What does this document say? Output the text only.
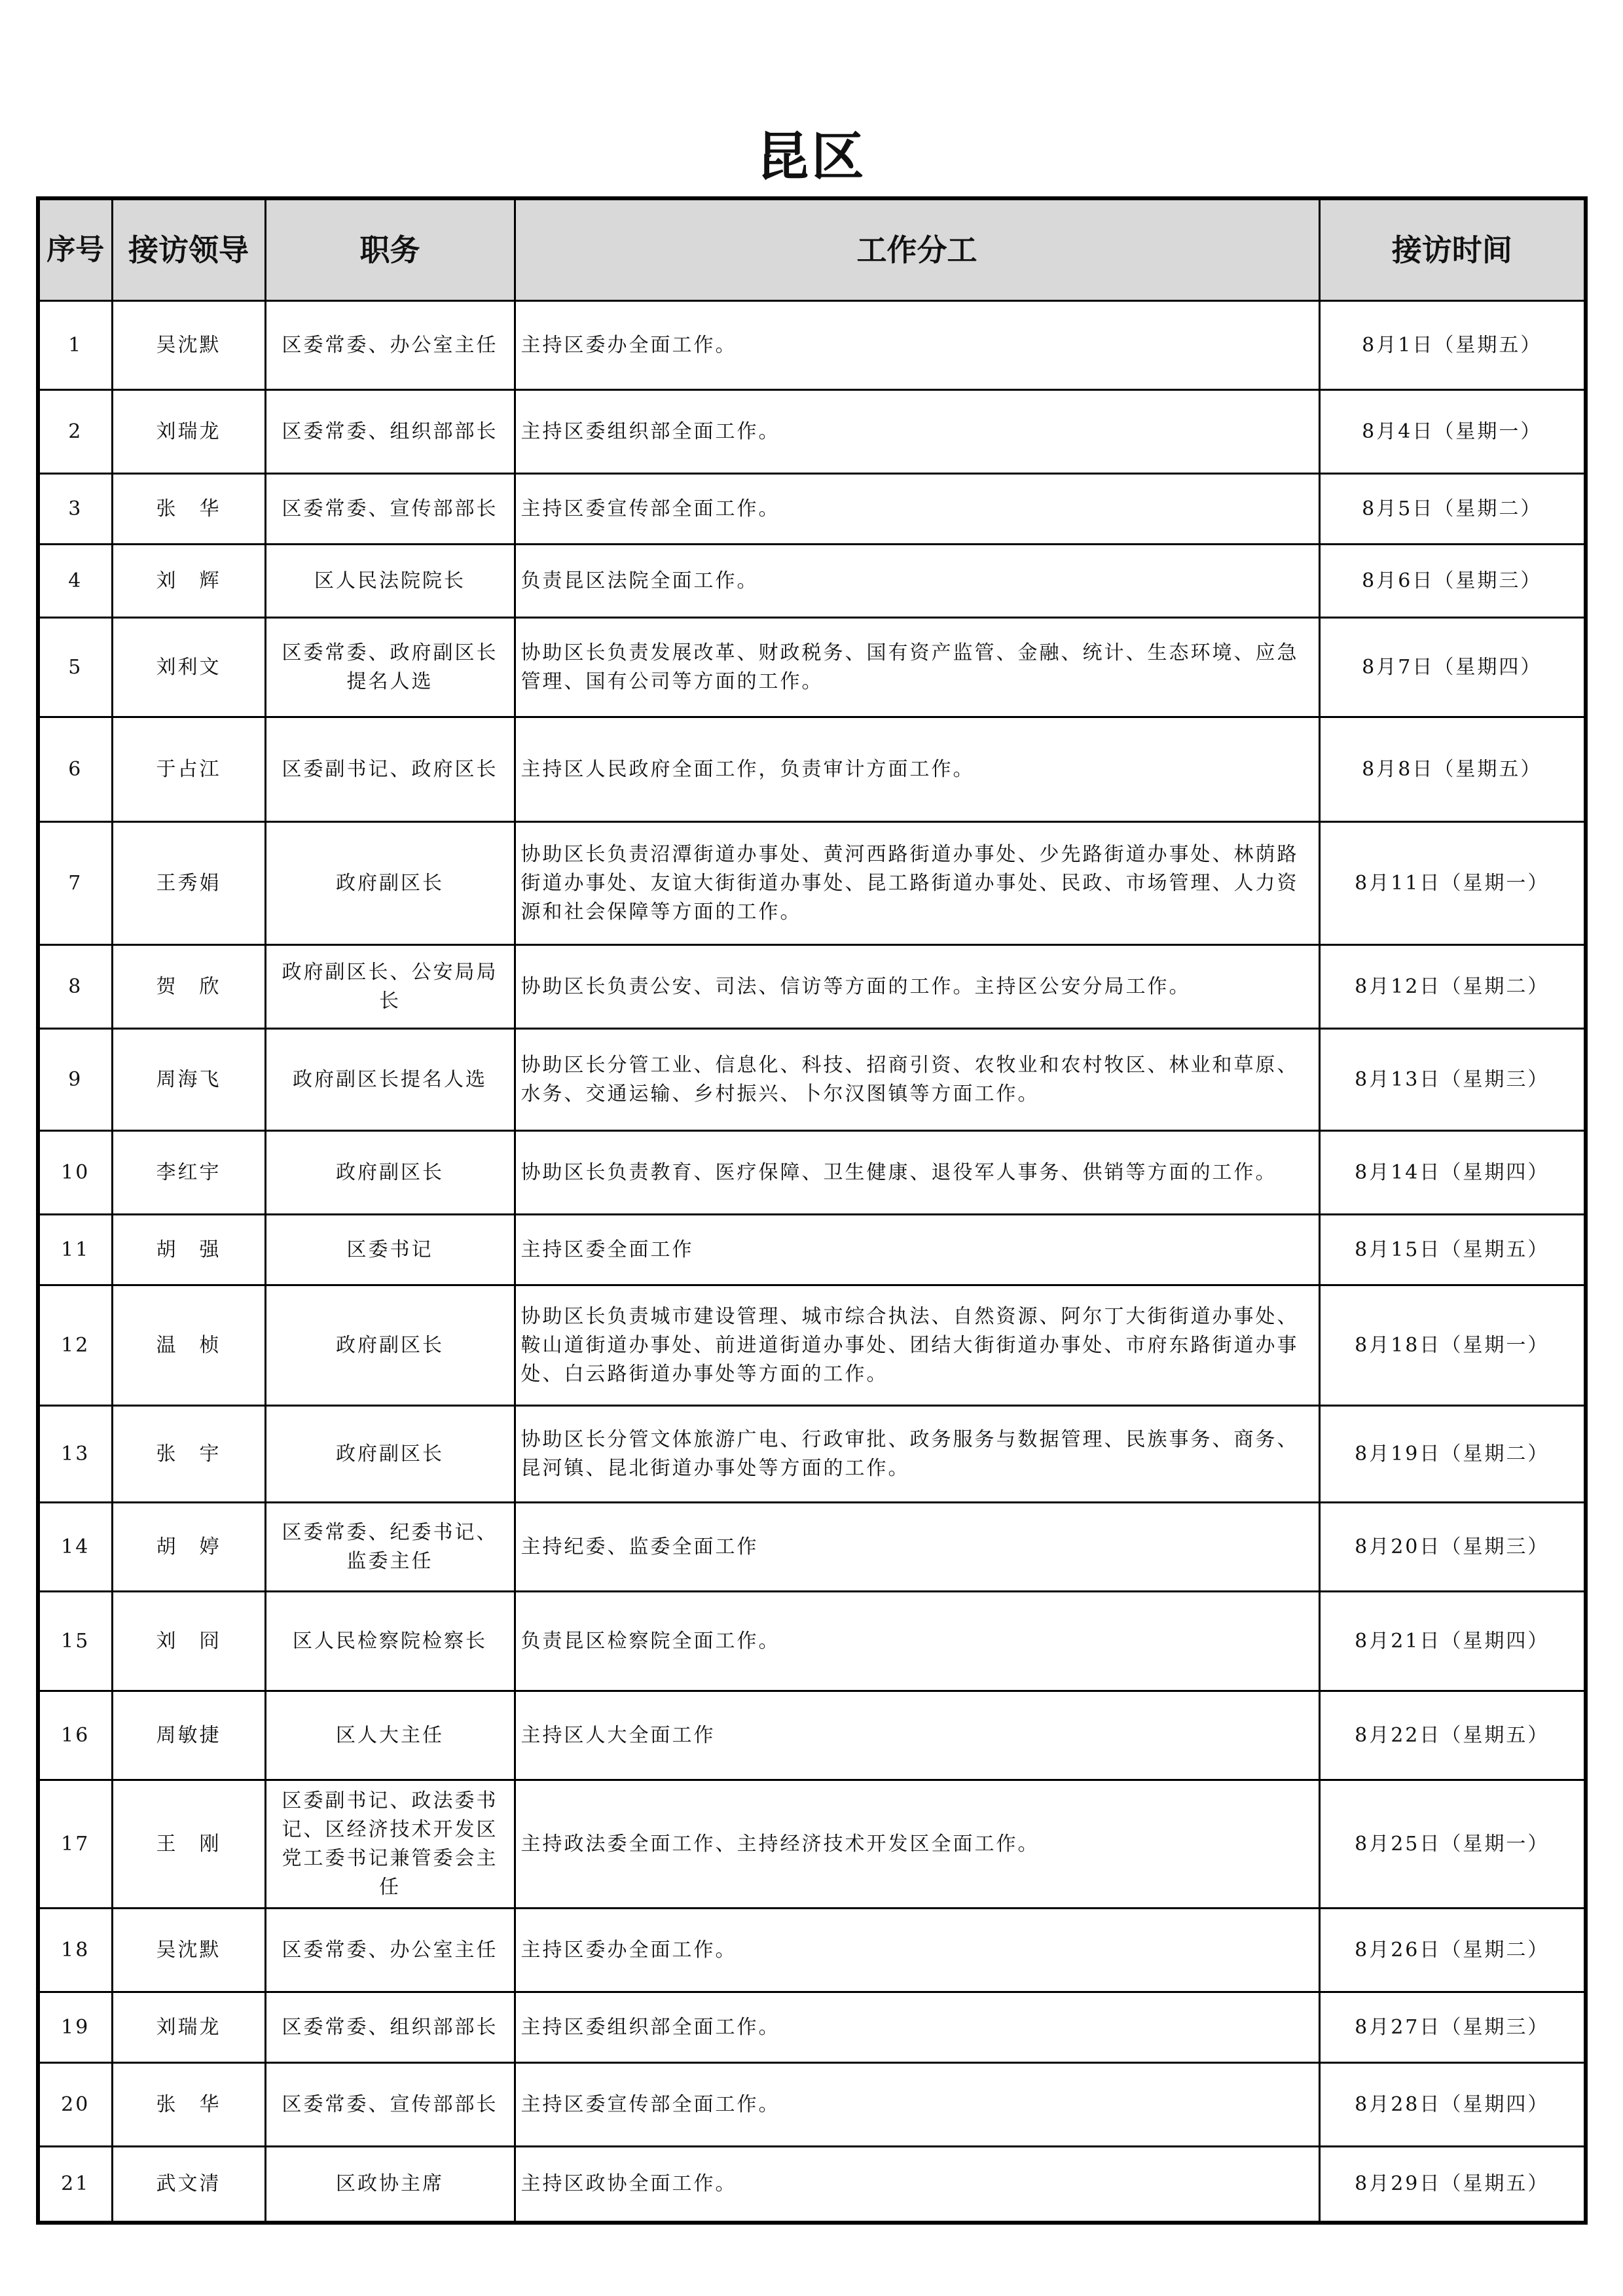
昆区
序号	接访领导	职务	工作分工	接访时间
1	吴沈默	区委常委、办公室主任	主持区委办全面工作。	8月1日（星期五）
2	刘瑞龙	区委常委、组织部部长	主持区委组织部全面工作。	8月4日（星期一）
3	张　华	区委常委、宣传部部长	主持区委宣传部全面工作。	8月5日（星期二）
4	刘　辉	区人民法院院长	负责昆区法院全面工作。	8月6日（星期三）
5	刘利文	区委常委、政府副区长提名人选	协助区长负责发展改革、财政税务、国有资产监管、金融、统计、生态环境、应急管理、国有公司等方面的工作。	8月7日（星期四）
6	于占江	区委副书记、政府区长	主持区人民政府全面工作，负责审计方面工作。	8月8日（星期五）
7	王秀娟	政府副区长	协助区长负责沼潭街道办事处、黄河西路街道办事处、少先路街道办事处、林荫路街道办事处、友谊大街街道办事处、昆工路街道办事处、民政、市场管理、人力资源和社会保障等方面的工作。	8月11日（星期一）
8	贺　欣	政府副区长、公安局局长	协助区长负责公安、司法、信访等方面的工作。主持区公安分局工作。	8月12日（星期二）
9	周海飞	政府副区长提名人选	协助区长分管工业、信息化、科技、招商引资、农牧业和农村牧区、林业和草原、水务、交通运输、乡村振兴、卜尔汉图镇等方面工作。	8月13日（星期三）
10	李红宇	政府副区长	协助区长负责教育、医疗保障、卫生健康、退役军人事务、供销等方面的工作。	8月14日（星期四）
11	胡　强	区委书记	主持区委全面工作	8月15日（星期五）
12	温　桢	政府副区长	协助区长负责城市建设管理、城市综合执法、自然资源、阿尔丁大街街道办事处、鞍山道街道办事处、前进道街道办事处、团结大街街道办事处、市府东路街道办事处、白云路街道办事处等方面的工作。	8月18日（星期一）
13	张　宇	政府副区长	协助区长分管文体旅游广电、行政审批、政务服务与数据管理、民族事务、商务、昆河镇、昆北街道办事处等方面的工作。	8月19日（星期二）
14	胡　婷	区委常委、纪委书记、监委主任	主持纪委、监委全面工作	8月20日（星期三）
15	刘　冏	区人民检察院检察长	负责昆区检察院全面工作。	8月21日（星期四）
16	周敏捷	区人大主任	主持区人大全面工作	8月22日（星期五）
17	王　刚	区委副书记、政法委书记、区经济技术开发区党工委书记兼管委会主任	主持政法委全面工作、主持经济技术开发区全面工作。	8月25日（星期一）
18	吴沈默	区委常委、办公室主任	主持区委办全面工作。	8月26日（星期二）
19	刘瑞龙	区委常委、组织部部长	主持区委组织部全面工作。	8月27日（星期三）
20	张　华	区委常委、宣传部部长	主持区委宣传部全面工作。	8月28日（星期四）
21	武文清	区政协主席	主持区政协全面工作。	8月29日（星期五）
